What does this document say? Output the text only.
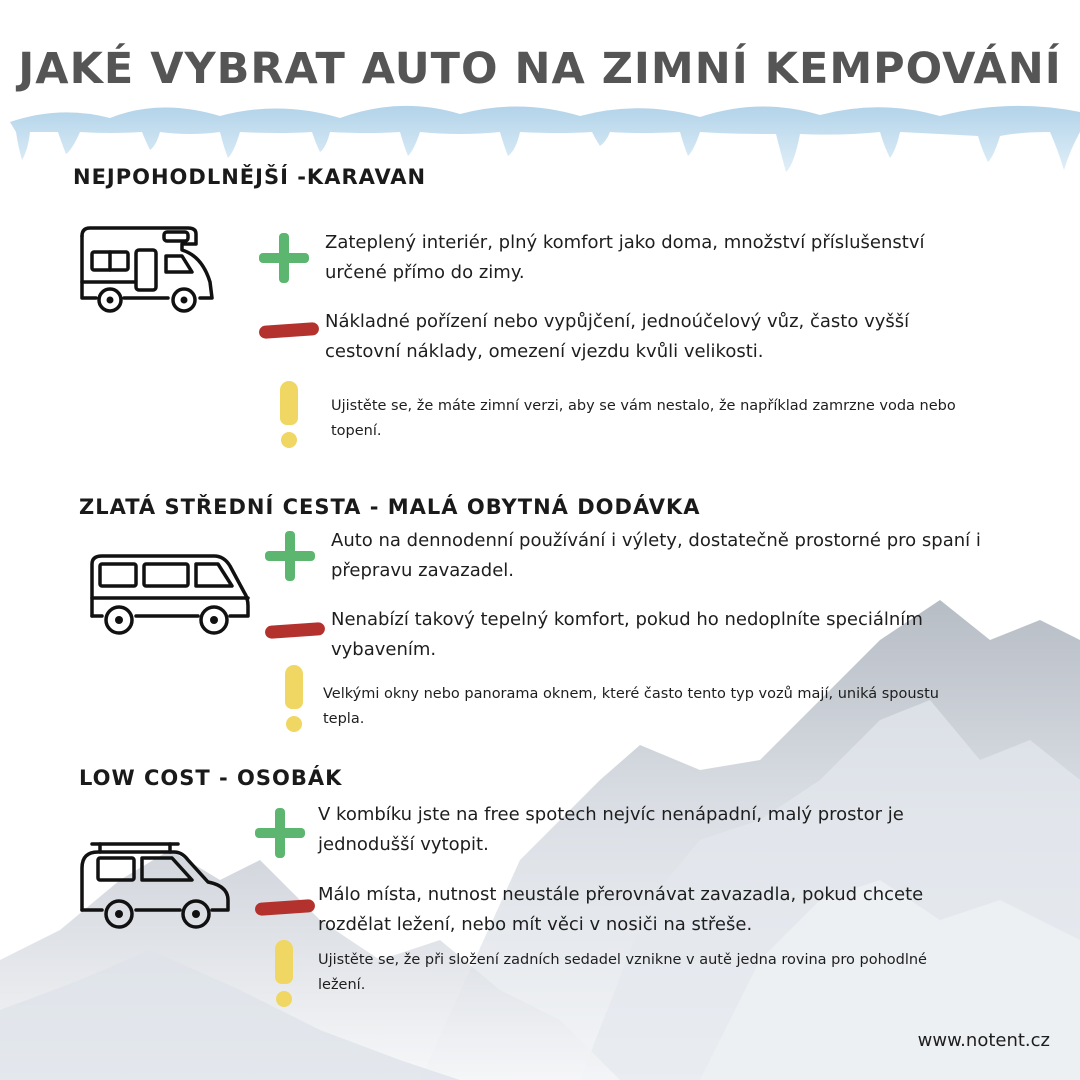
JAKÉ VYBRAT AUTO NA ZIMNÍ KEMPOVÁNÍ
NEJPOHODLNĚJŠÍ -KARAVAN
Zateplený interiér, plný komfort jako doma, množství příslušenství určené přímo do zimy.
Nákladné pořízení nebo vypůjčení, jednoúčelový vůz, často vyšší cestovní náklady, omezení vjezdu kvůli velikosti.
Ujistěte se, že máte zimní verzi, aby se vám nestalo, že například zamrzne voda nebo topení.
ZLATÁ STŘEDNÍ CESTA - MALÁ OBYTNÁ DODÁVKA
Auto na dennodenní používání i výlety, dostatečně prostorné pro spaní i přepravu zavazadel.
Nenabízí takový tepelný komfort, pokud ho nedoplníte speciálním vybavením.
Velkými okny nebo panorama oknem, které často tento typ vozů mají, uniká spoustu tepla.
LOW COST - OSOBÁK
V kombíku jste na free spotech nejvíc nenápadní, malý prostor je jednodušší vytopit.
Málo místa, nutnost neustále přerovnávat zavazadla, pokud chcete rozdělat ležení, nebo mít věci v nosiči na střeše.
Ujistěte se, že při složení zadních sedadel vznikne v autě jedna rovina pro pohodlné ležení.
www.notent.cz
